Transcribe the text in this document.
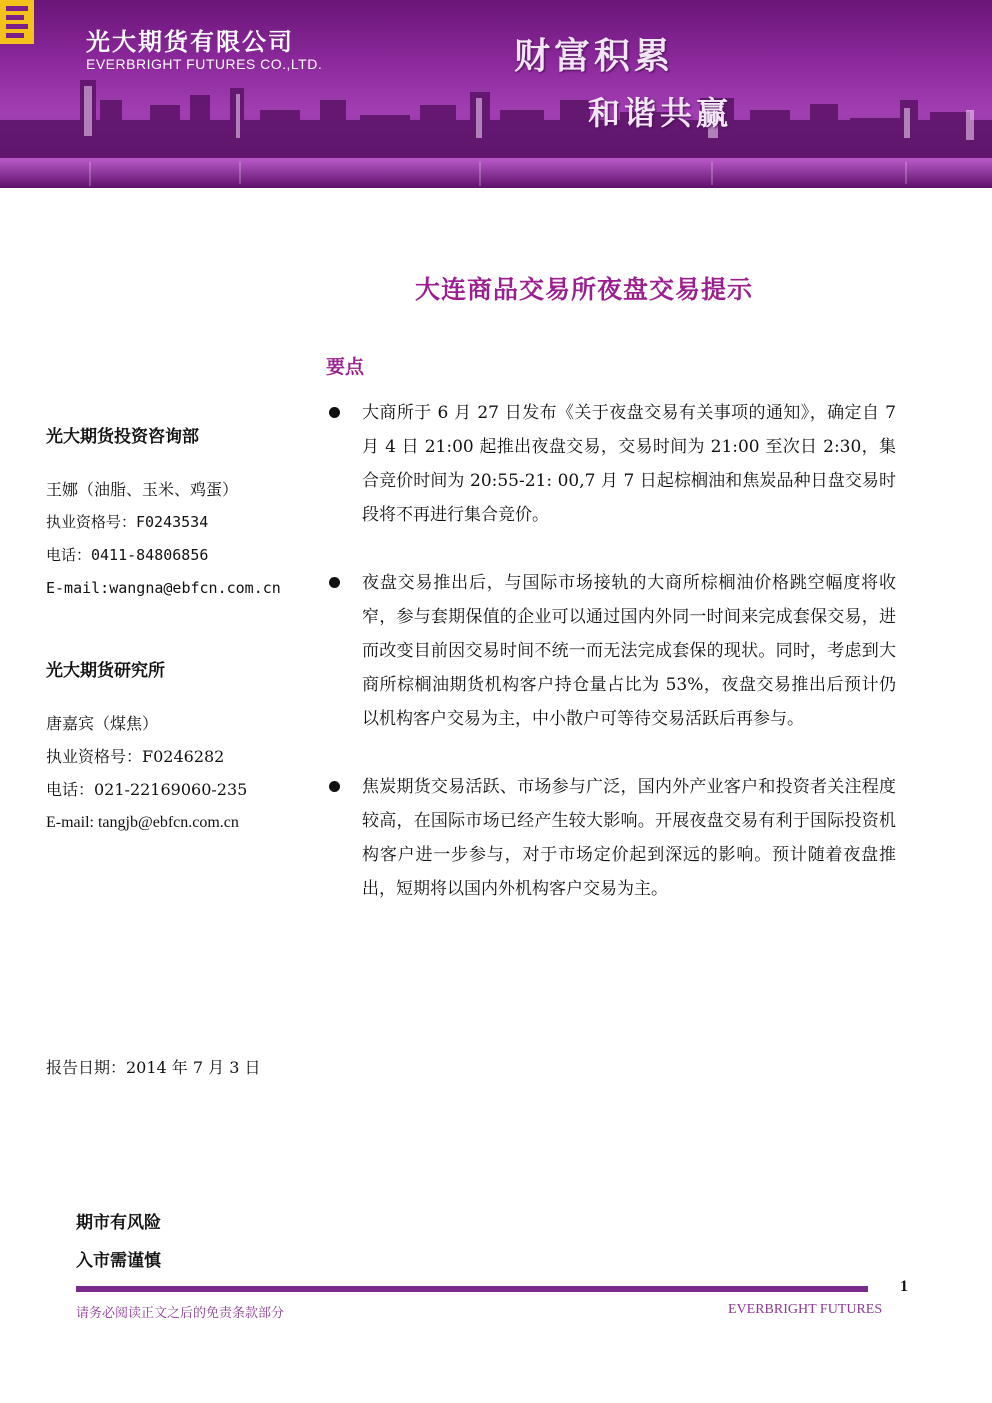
光大期货有限公司
EVERBRIGHT FUTURES CO.,LTD.	财富积累
和谐共赢
大连商品交易所夜盘交易提示
要点
大商所于 6 月 27 日发布《关于夜盘交易有关事项的通知》，确定自 7 月 4 日 21:00 起推出夜盘交易，交易时间为 21:00 至次日 2:30，集合竞价时间为 20:55-21: 00,7 月 7 日起棕榈油和焦炭品种日盘交易时段将不再进行集合竞价。
夜盘交易推出后，与国际市场接轨的大商所棕榈油价格跳空幅度将收窄，参与套期保值的企业可以通过国内外同一时间来完成套保交易，进而改变目前因交易时间不统一而无法完成套保的现状。同时，考虑到大商所棕榈油期货机构客户持仓量占比为 53%，夜盘交易推出后预计仍以机构客户交易为主，中小散户可等待交易活跃后再参与。
焦炭期货交易活跃、市场参与广泛，国内外产业客户和投资者关注程度较高，在国际市场已经产生较大影响。开展夜盘交易有利于国际投资机构客户进一步参与，对于市场定价起到深远的影响。预计随着夜盘推出，短期将以国内外机构客户交易为主。
光大期货投资咨询部
王娜（油脂、玉米、鸡蛋）
执业资格号：F0243534
电话：0411-84806856
E-mail:wangna@ebfcn.com.cn
光大期货研究所
唐嘉宾（煤焦）
执业资格号：F0246282
电话：021-22169060-235
E-mail: tangjb@ebfcn.com.cn
报告日期：2014 年 7 月 3 日
期市有风险
入市需谨慎
1
请务必阅读正文之后的免责条款部分	EVERBRIGHT FUTURES
